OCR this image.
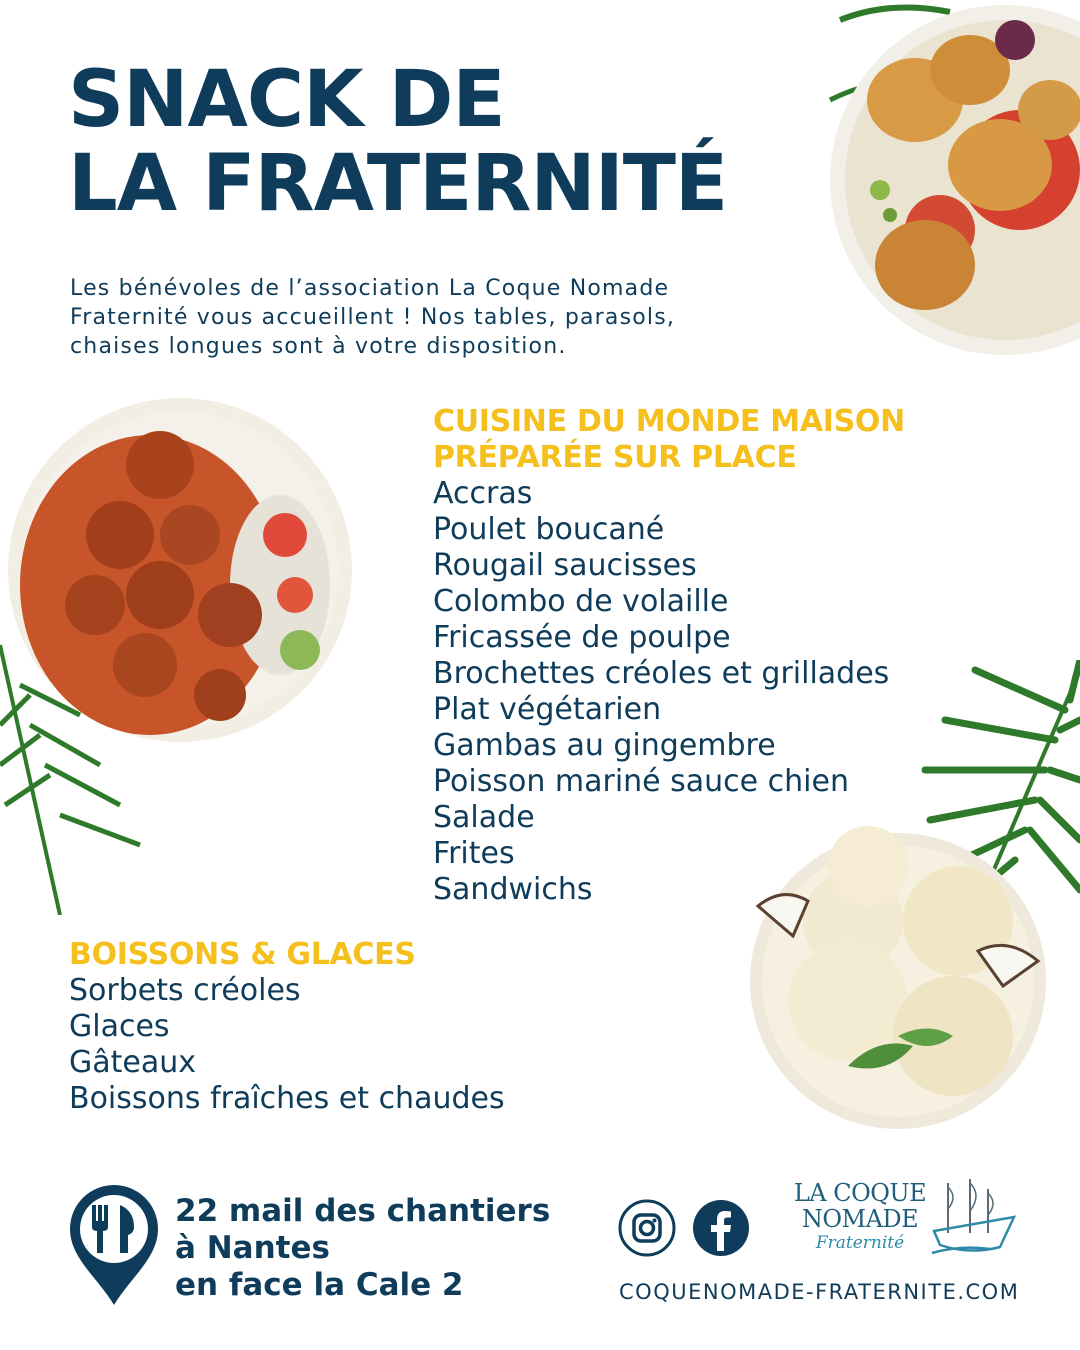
SNACK DE
LA FRATERNITÉ

Les bénévoles de l’association La Coque Nomade Fraternité vous accueillent ! Nos tables, parasols, chaises longues sont à votre disposition.

CUISINE DU MONDE MAISON

PRÉPARÉE SUR PLACE

Accras
Poulet boucané
Rougail saucisses
Colombo de volaille
Fricassée de poulpe
Brochettes créoles et grillades
Plat végétarien
Gambas au gingembre
Poisson mariné sauce chien
Salade
Frites
Sandwichs

BOISSONS & GLACES

Sorbets créoles
Glaces
Gâteaux
Boissons fraîches et chaudes
22 mail des chantiers
à Nantes
en face la Cale 2
LA COQUE
NOMADE
Fraternité
COQUENOMADE-FRATERNITE.COM
